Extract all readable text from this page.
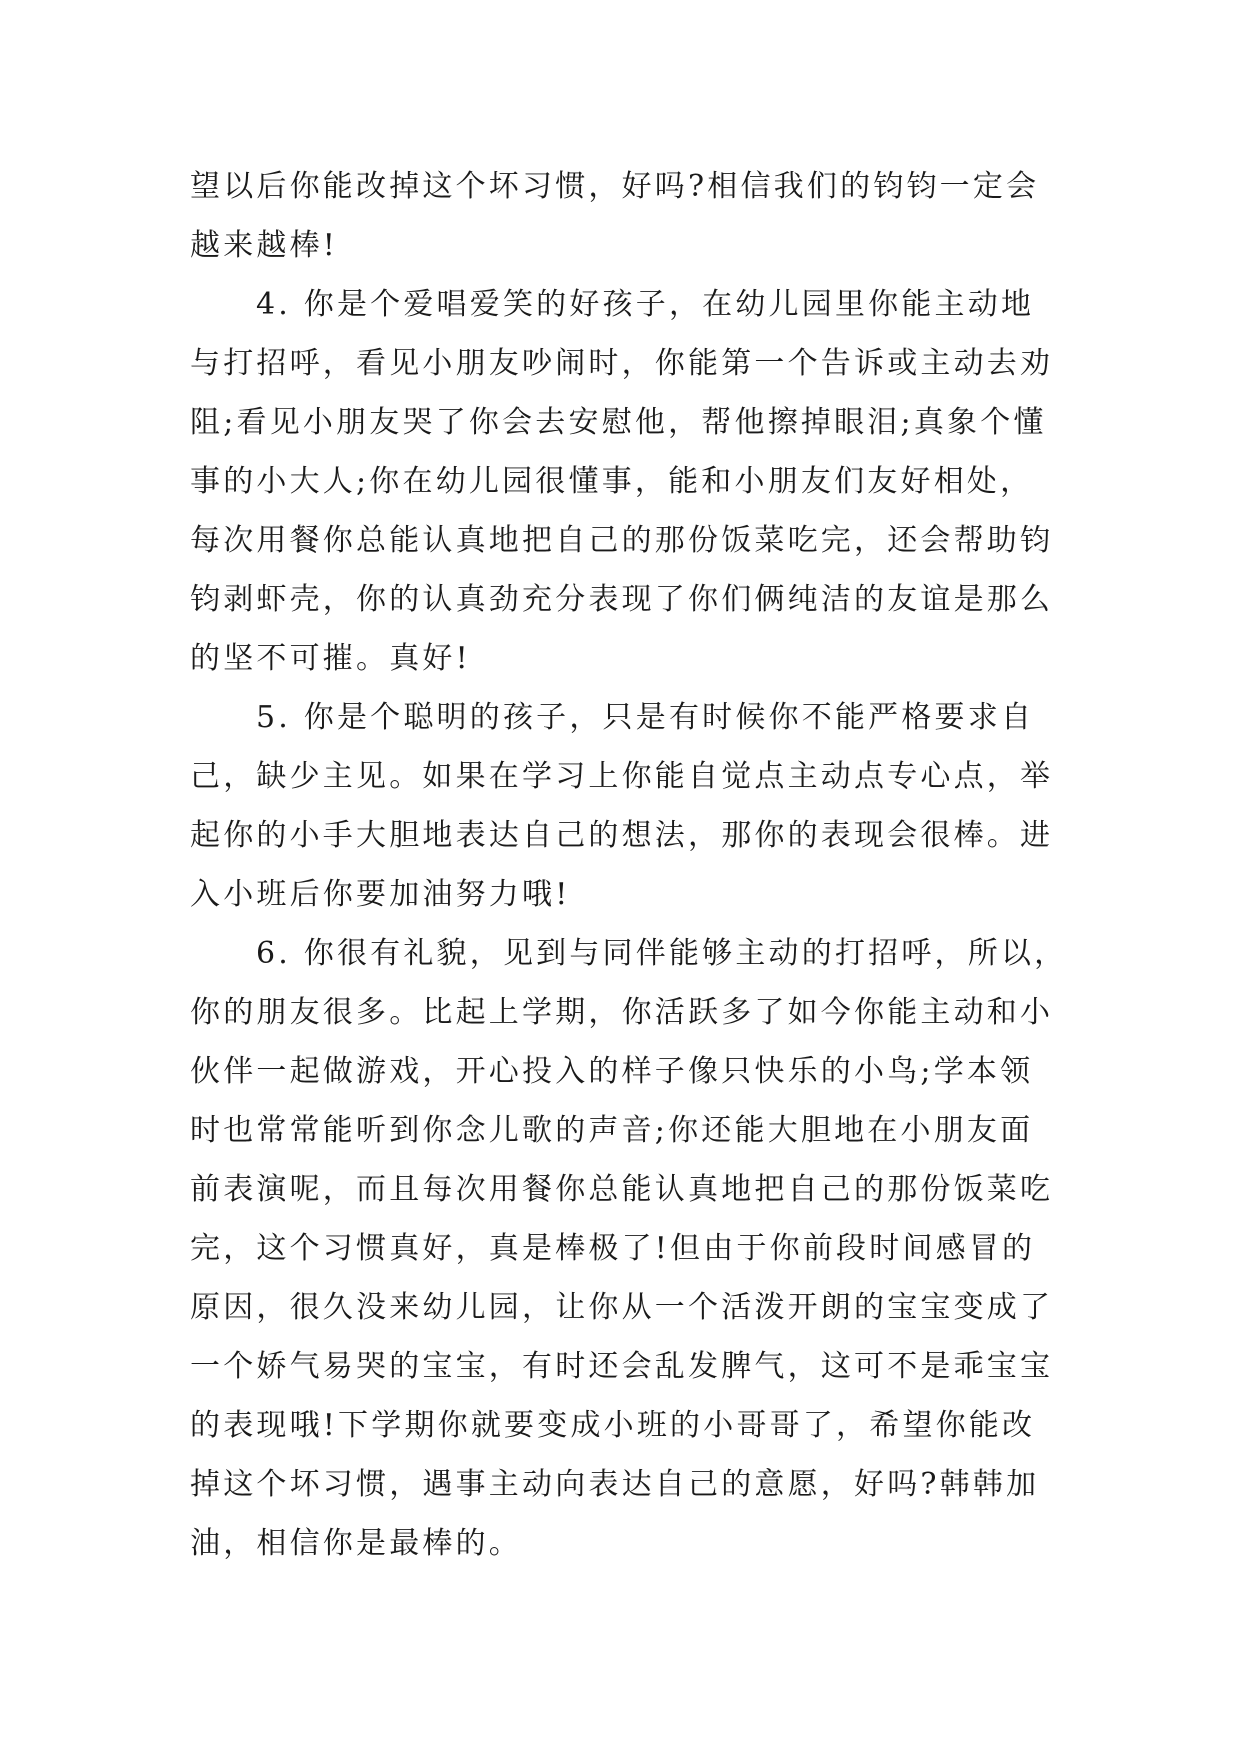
望以后你能改掉这个坏习惯，好吗?相信我们的钧钧一定会
越来越棒!
4. 你是个爱唱爱笑的好孩子，在幼儿园里你能主动地
与打招呼，看见小朋友吵闹时，你能第一个告诉或主动去劝
阻;看见小朋友哭了你会去安慰他，帮他擦掉眼泪;真象个懂
事的小大人;你在幼儿园很懂事，能和小朋友们友好相处，
每次用餐你总能认真地把自己的那份饭菜吃完，还会帮助钧
钧剥虾壳，你的认真劲充分表现了你们俩纯洁的友谊是那么
的坚不可摧。真好!
5. 你是个聪明的孩子，只是有时候你不能严格要求自
己，缺少主见。如果在学习上你能自觉点主动点专心点，举
起你的小手大胆地表达自己的想法，那你的表现会很棒。进
入小班后你要加油努力哦!
6. 你很有礼貌，见到与同伴能够主动的打招呼，所以，
你的朋友很多。比起上学期，你活跃多了如今你能主动和小
伙伴一起做游戏，开心投入的样子像只快乐的小鸟;学本领
时也常常能听到你念儿歌的声音;你还能大胆地在小朋友面
前表演呢，而且每次用餐你总能认真地把自己的那份饭菜吃
完，这个习惯真好，真是棒极了!但由于你前段时间感冒的
原因，很久没来幼儿园，让你从一个活泼开朗的宝宝变成了
一个娇气易哭的宝宝，有时还会乱发脾气，这可不是乖宝宝
的表现哦!下学期你就要变成小班的小哥哥了，希望你能改
掉这个坏习惯，遇事主动向表达自己的意愿，好吗?韩韩加
油，相信你是最棒的。
